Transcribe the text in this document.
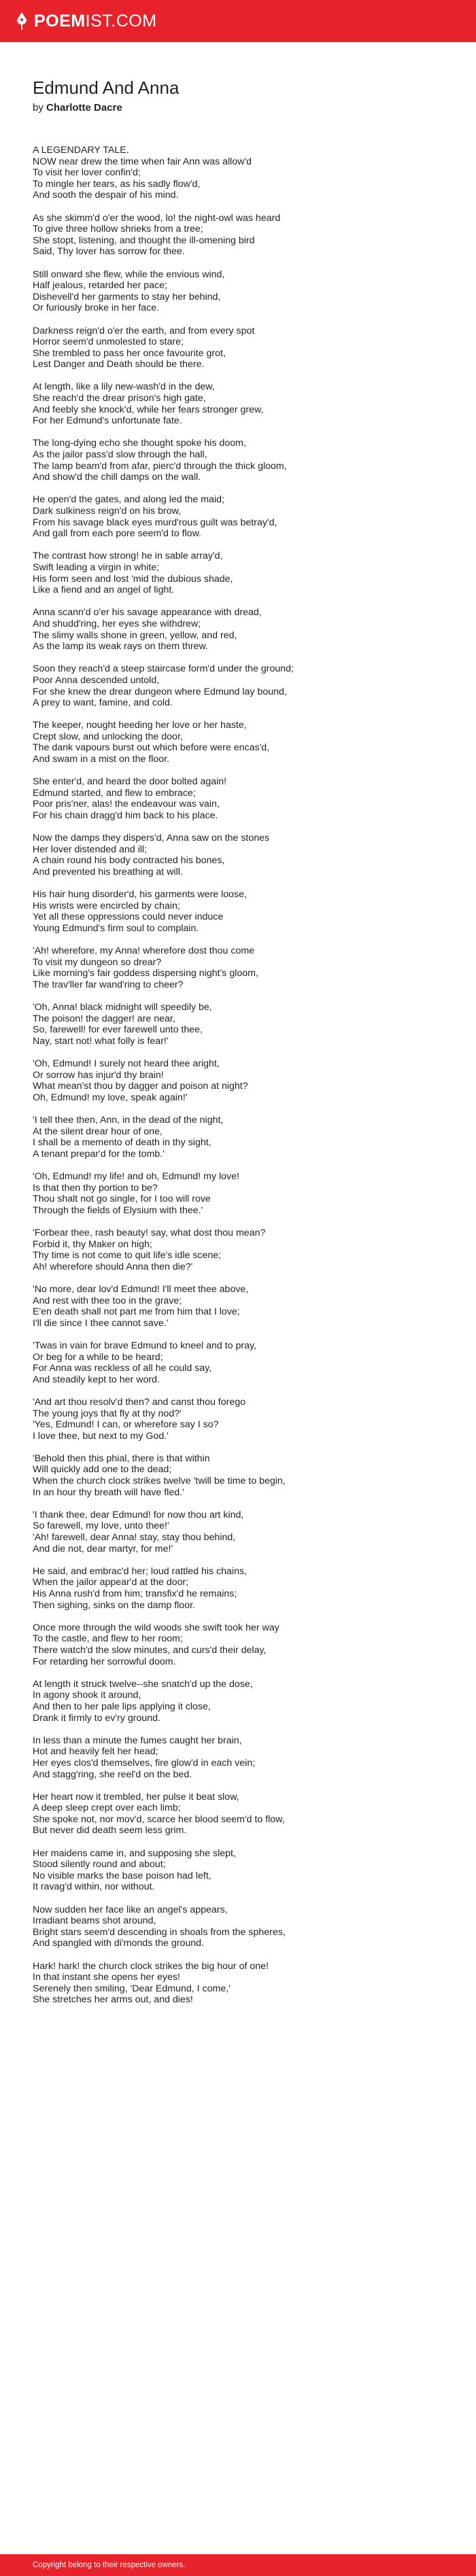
POEMIST.COM
Edmund And Anna
by Charlotte Dacre
A LEGENDARY TALE.
NOW near drew the time when fair Ann was allow'd
To visit her lover confin'd;
To mingle her tears, as his sadly flow'd,
And sooth the despair of his mind.
As she skimm'd o'er the wood, lo! the night-owl was heard
To give three hollow shrieks from a tree;
She stopt, listening, and thought the ill-omening bird
Said, Thy lover has sorrow for thee.
Still onward she flew, while the envious wind,
Half jealous, retarded her pace;
Dishevell'd her garments to stay her behind,
Or furiously broke in her face.
Darkness reign'd o'er the earth, and from every spot
Horror seem'd unmolested to stare;
She trembled to pass her once favourite grot,
Lest Danger and Death should be there.
At length, like a lily new-wash'd in the dew,
She reach'd the drear prison's high gate,
And feebly she knock'd, while her fears stronger grew,
For her Edmund's unfortunate fate.
The long-dying echo she thought spoke his doom,
As the jailor pass'd slow through the hall,
The lamp beam'd from afar, pierc'd through the thick gloom,
And show'd the chill damps on the wall.
He open'd the gates, and along led the maid;
Dark sulkiness reign'd on his brow,
From his savage black eyes murd'rous guilt was betray'd,
And gall from each pore seem'd to flow.
The contrast how strong! he in sable array'd,
Swift leading a virgin in white;
His form seen and lost 'mid the dubious shade,
Like a fiend and an angel of light.
Anna scann'd o'er his savage appearance with dread,
And shudd'ring, her eyes she withdrew;
The slimy walls shone in green, yellow, and red,
As the lamp its weak rays on them threw.
Soon they reach'd a steep staircase form'd under the ground;
Poor Anna descended untold,
For she knew the drear dungeon where Edmund lay bound,
A prey to want, famine, and cold.
The keeper, nought heeding her love or her haste,
Crept slow, and unlocking the door,
The dank vapours burst out which before were encas'd,
And swam in a mist on the floor.
She enter'd, and heard the door bolted again!
Edmund started, and flew to embrace;
Poor pris'ner, alas! the endeavour was vain,
For his chain dragg'd him back to his place.
Now the damps they dispers'd, Anna saw on the stones
Her lover distended and ill;
A chain round his body contracted his bones,
And prevented his breathing at will.
His hair hung disorder'd, his garments were loose,
His wrists were encircled by chain;
Yet all these oppressions could never induce
Young Edmund's firm soul to complain.
'Ah! wherefore, my Anna! wherefore dost thou come
To visit my dungeon so drear?
Like morning's fair goddess dispersing night's gloom,
The trav'ller far wand'ring to cheer?
'Oh, Anna! black midnight will speedily be,
The poison! the dagger! are near,
So, farewell! for ever farewell unto thee,
Nay, start not! what folly is fear!'
'Oh, Edmund! I surely not heard thee aright,
Or sorrow has injur'd thy brain!
What mean'st thou by dagger and poison at night?
Oh, Edmund! my love, speak again!'
'I tell thee then, Ann, in the dead of the night,
At the silent drear hour of one,
I shall be a memento of death in thy sight,
A tenant prepar'd for the tomb.'
'Oh, Edmund! my life! and oh, Edmund! my love!
Is that then thy portion to be?
Thou shalt not go single, for I too will rove
Through the fields of Elysium with thee.'
'Forbear thee, rash beauty! say, what dost thou mean?
Forbid it, thy Maker on high;
Thy time is not come to quit life's idle scene;
Ah! wherefore should Anna then die?'
'No more, dear lov'd Edmund! I'll meet thee above,
And rest with thee too in the grave;
E'en death shall not part me from him that I love;
I'll die since I thee cannot save.'
'Twas in vain for brave Edmund to kneel and to pray,
Or beg for a while to be heard;
For Anna was reckless of all he could say,
And steadily kept to her word.
'And art thou resolv'd then? and canst thou forego
The young joys that fly at thy nod?'
'Yes, Edmund! I can, or wherefore say I so?
I love thee, but next to my God.'
'Behold then this phial, there is that within
Will quickly add one to the dead;
When the church clock strikes twelve 'twill be time to begin,
In an hour thy breath will have fled.'
'I thank thee, dear Edmund! for now thou art kind,
So farewell, my love, unto thee!'
'Ah! farewell, dear Anna! stay, stay thou behind,
And die not, dear martyr, for me!'
He said, and embrac'd her; loud rattled his chains,
When the jailor appear'd at the door;
His Anna rush'd from him; transfix'd he remains;
Then sighing, sinks on the damp floor.
Once more through the wild woods she swift took her way
To the castle, and flew to her room;
There watch'd the slow minutes, and curs'd their delay,
For retarding her sorrowful doom.
At length it struck twelve--she snatch'd up the dose,
In agony shook it around,
And then to her pale lips applying it close,
Drank it firmly to ev'ry ground.
In less than a minute the fumes caught her brain,
Hot and heavily felt her head;
Her eyes clos'd themselves, fire glow'd in each vein;
And stagg'ring, she reel'd on the bed.
Her heart now it trembled, her pulse it beat slow,
A deep sleep crept over each limb;
She spoke not, nor mov'd, scarce her blood seem'd to flow,
But never did death seem less grim.
Her maidens came in, and supposing she slept,
Stood silently round and about;
No visible marks the base poison had left,
It ravag'd within, nor without.
Now sudden her face like an angel's appears,
Irradiant beams shot around,
Bright stars seem'd descending in shoals from the spheres,
And spangled with di'monds the ground.
Hark! hark! the church clock strikes the big hour of one!
In that instant she opens her eyes!
Serenely then smiling, 'Dear Edmund, I come,'
She stretches her arms out, and dies!
Copyright belong to their respective owners.
